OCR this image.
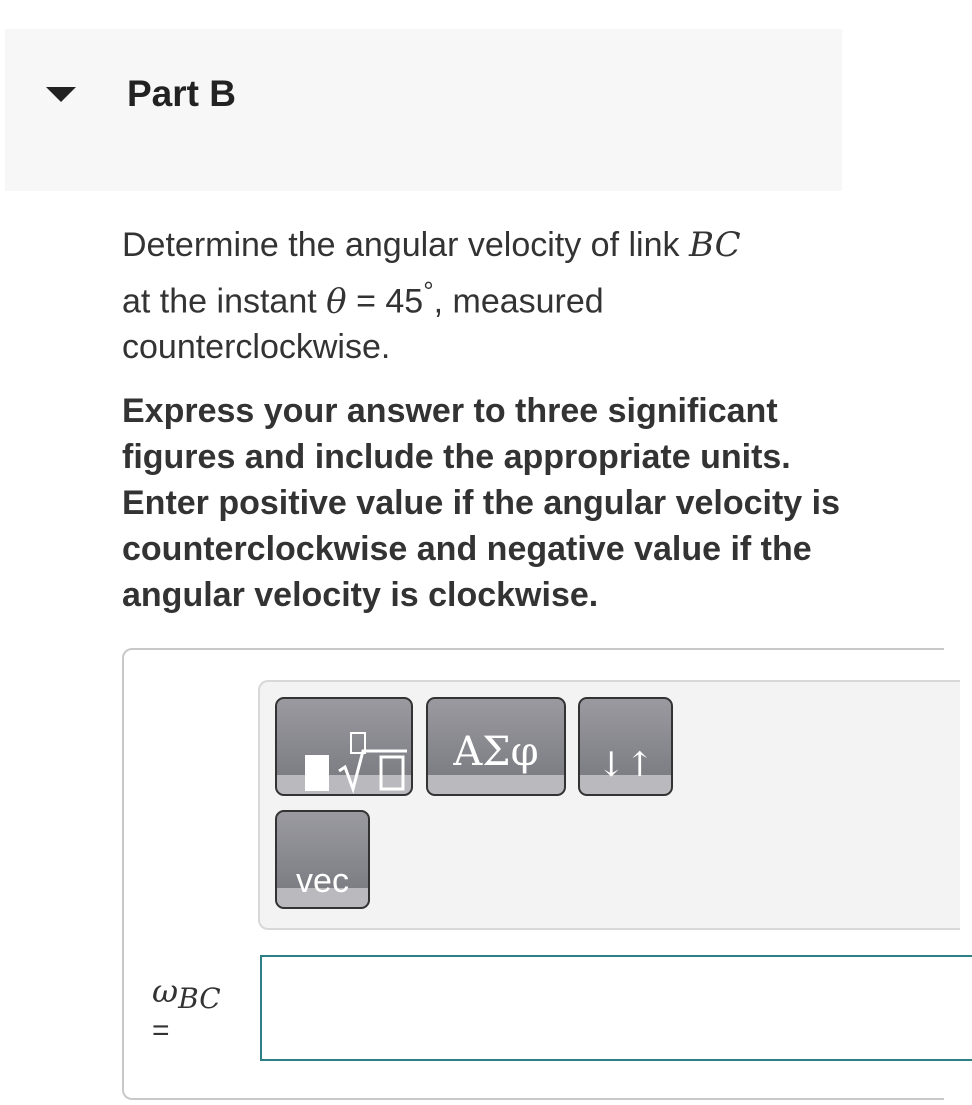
Part B
Determine the angular velocity of link BC
at the instant θ = 45°, measured
counterclockwise.
Express your answer to three significant figures and include the appropriate units. Enter positive value if the angular velocity is counterclockwise and negative value if the angular velocity is clockwise.
ΑΣφ	↓↑
vec
$\omega_{BC}$
=
